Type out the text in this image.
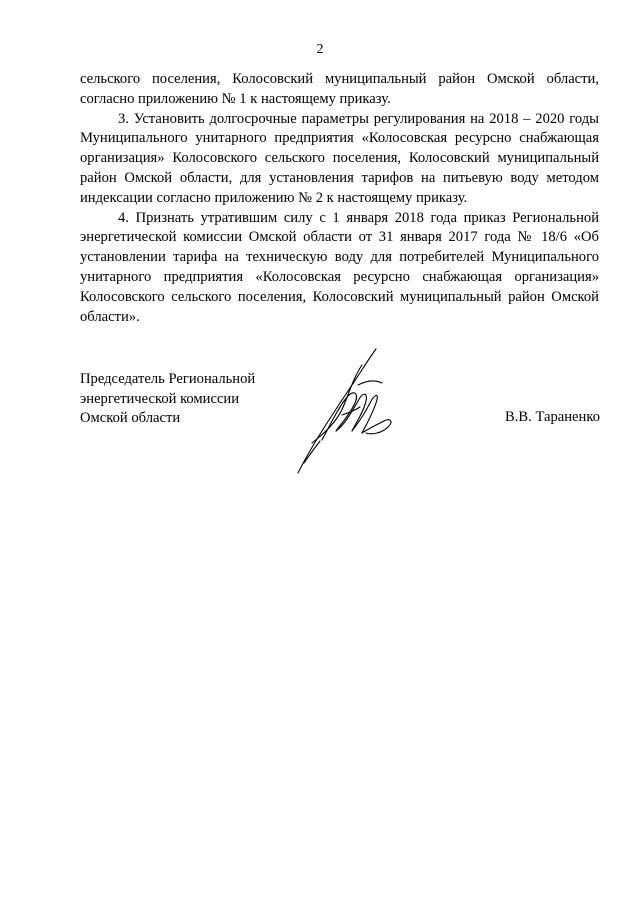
2

сельского поселения, Колосовский муниципальный район Омской области, согласно приложению № 1 к настоящему приказу.

3. Установить долгосрочные параметры регулирования на 2018 – 2020 годы Муниципального унитарного предприятия «Колосовская ресурсно снабжающая организация» Колосовского сельского поселения, Колосовский муниципальный район Омской области, для установления тарифов на питьевую воду методом индексации согласно приложению № 2 к настоящему приказу.

4. Признать утратившим силу с 1 января 2018 года приказ Региональной энергетической комиссии Омской области от 31 января 2017 года № 18/6 «Об установлении тарифа на техническую воду для потребителей Муниципального унитарного предприятия «Колосовская ресурсно снабжающая организация» Колосовского сельского поселения, Колосовский муниципальный район Омской области».

Председатель Региональной
энергетической комиссии
Омской области	В.В. Тараненко
